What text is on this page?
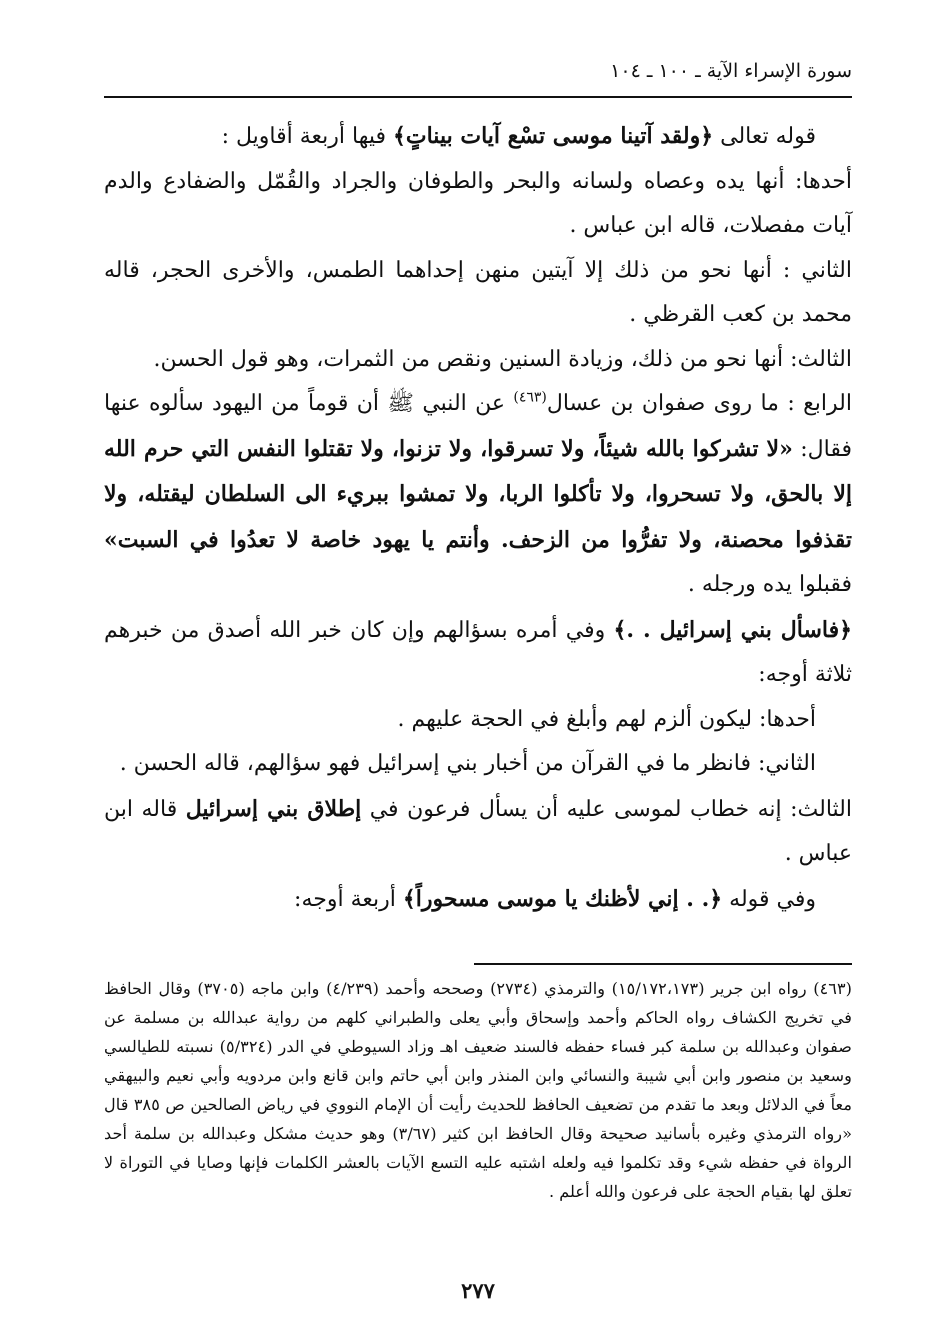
سورة الإسراء الآية ـ ١٠٠ ـ ١٠٤

قوله تعالى ﴿ولقد آتينا موسى تسْع آيات بيناتٍ﴾ فيها أربعة أقاويل :

أحدها: أنها يده وعصاه ولسانه والبحر والطوفان والجراد والقُمّل والضفادع والدم آيات مفصلات، قاله ابن عباس .

الثاني : أنها نحو من ذلك إلا آيتين منهن إحداهما الطمس، والأخرى الحجر، قاله محمد بن كعب القرظي .

الثالث: أنها نحو من ذلك، وزيادة السنين ونقص من الثمرات، وهو قول الحسن.

الرابع : ما روى صفوان بن عسال$^{(٤٦٣)}$ عن النبي ﷺ أن قوماً من اليهود سألوه عنها فقال: «لا تشركوا بالله شيئاً، ولا تسرقوا، ولا تزنوا، ولا تقتلوا النفس التي حرم الله إلا بالحق، ولا تسحروا، ولا تأكلوا الربا، ولا تمشوا ببريء الى السلطان ليقتله، ولا تقذفوا محصنة، ولا تفرُّوا من الزحف. وأنتم يا يهود خاصة لا تعدُوا في السبت» فقبلوا يده ورجله .

﴿فاسأل بني إسرائيل . .﴾ وفي أمره بسؤالهم وإن كان خبر الله أصدق من خبرهم ثلاثة أوجه:

أحدها: ليكون ألزم لهم وأبلغ في الحجة عليهم .

الثاني: فانظر ما في القرآن من أخبار بني إسرائيل فهو سؤالهم، قاله الحسن .

الثالث: إنه خطاب لموسى عليه أن يسأل فرعون في إطلاق بني إسرائيل قاله ابن عباس .

وفي قوله ﴿. . إني لأظنك يا موسى مسحوراً﴾ أربعة أوجه:

(٤٦٣) رواه ابن جرير (١٥/١٧٢،١٧٣) والترمذي (٢٧٣٤) وصححه وأحمد (٤/٢٣٩) وابن ماجه (٣٧٠٥) وقال الحافظ في تخريج الكشاف رواه الحاكم وأحمد وإسحاق وأبي يعلى والطبراني كلهم من رواية عبدالله بن مسلمة عن صفوان وعبدالله بن سلمة كبر فساء حفظه فالسند ضعيف اهـ وزاد السيوطي في الدر (٥/٣٢٤) نسبته للطيالسي وسعيد بن منصور وابن أبي شيبة والنسائي وابن المنذر وابن أبي حاتم وابن قانع وابن مردويه وأبي نعيم والبيهقي معاً في الدلائل وبعد ما تقدم من تضعيف الحافظ للحديث رأيت أن الإمام النووي في رياض الصالحين ص ٣٨٥ قال «رواه الترمذي وغيره بأسانيد صحيحة وقال الحافظ ابن كثير (٣/٦٧) وهو حديث مشكل وعبدالله بن سلمة أحد الرواة في حفظه شيء وقد تكلموا فيه ولعله اشتبه عليه التسع الآيات بالعشر الكلمات فإنها وصايا في التوراة لا تعلق لها بقيام الحجة على فرعون والله أعلم .

٢٧٧
